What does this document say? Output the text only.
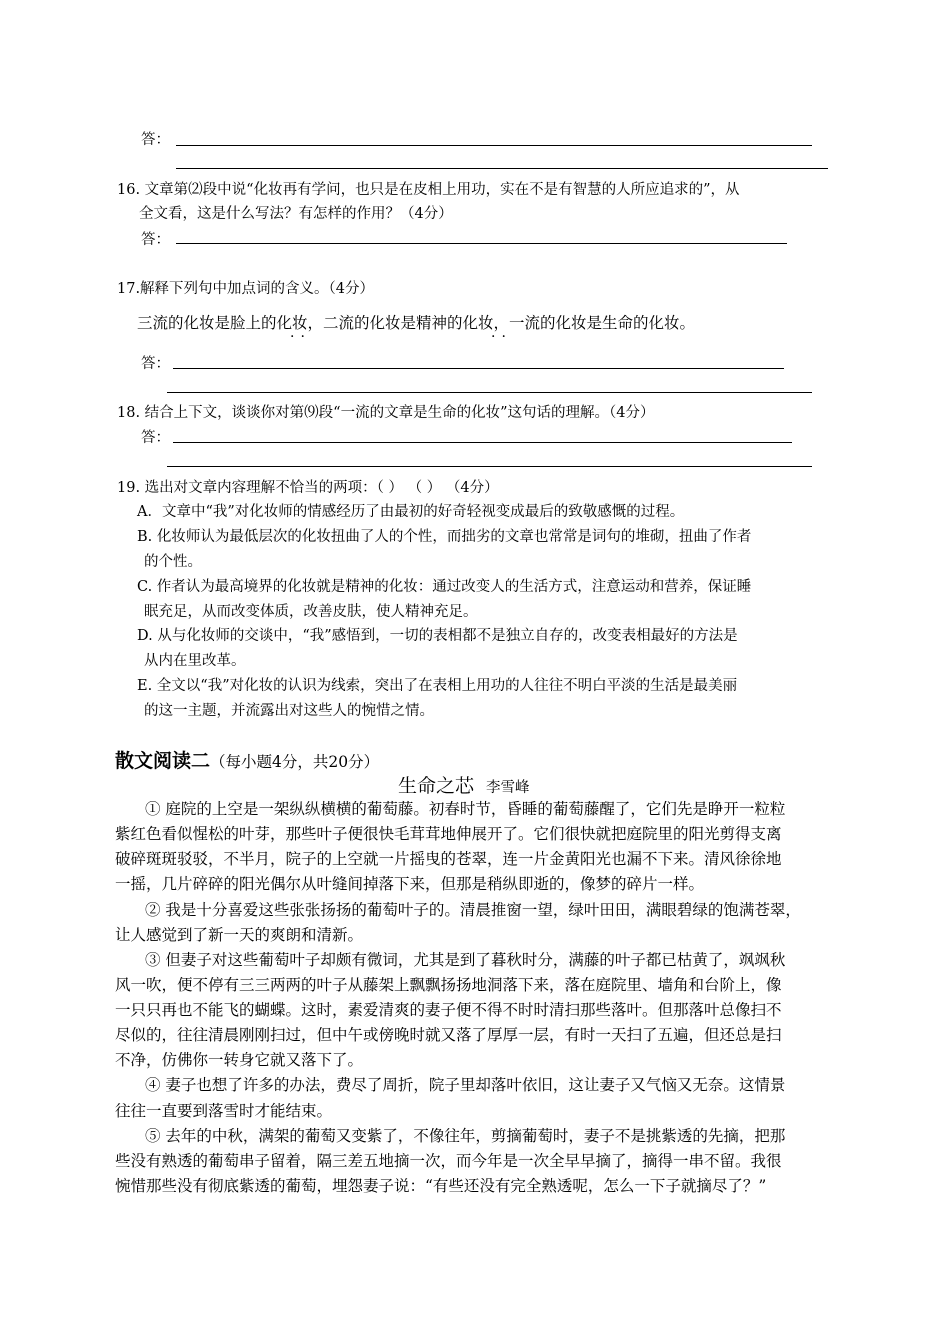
答：
16. 文章第⑵段中说“化妆再有学问，也只是在皮相上用功，实在不是有智慧的人所应追求的”，从
全文看，这是什么写法？有怎样的作用？（4分）
答：
17.解释下列句中加点词的含义。（4分）
三流的化妆是脸上的化妆，二流的化妆是精神的化妆，一流的化妆是生命的化妆。
··	··
答：
18. 结合上下文，谈谈你对第⑼段“一流的文章是生命的化妆”这句话的理解。（4分）
答：
19. 选出对文章内容理解不恰当的两项：（ ） （ ） （4分）
A．文章中“我”对化妆师的情感经历了由最初的好奇轻视变成最后的致敬感慨的过程。
B. 化妆师认为最低层次的化妆扭曲了人的个性，而拙劣的文章也常常是词句的堆砌，扭曲了作者
的个性。
C. 作者认为最高境界的化妆就是精神的化妆：通过改变人的生活方式，注意运动和营养，保证睡
眠充足，从而改变体质，改善皮肤，使人精神充足。
D. 从与化妆师的交谈中，“我”感悟到，一切的表相都不是独立自存的，改变表相最好的方法是
从内在里改革。
E. 全文以“我”对化妆的认识为线索，突出了在表相上用功的人往往不明白平淡的生活是最美丽
的这一主题，并流露出对这些人的惋惜之情。
散文阅读二（每小题4分，共20分）
生命之芯 李雪峰
① 庭院的上空是一架纵纵横横的葡萄藤。初春时节，昏睡的葡萄藤醒了，它们先是睁开一粒粒
紫红色看似惺松的叶芽，那些叶子便很快毛茸茸地伸展开了。它们很快就把庭院里的阳光剪得支离
破碎斑斑驳驳，不半月，院子的上空就一片摇曳的苍翠，连一片金黄阳光也漏不下来。清风徐徐地
一摇，几片碎碎的阳光偶尔从叶缝间掉落下来，但那是稍纵即逝的，像梦的碎片一样。
② 我是十分喜爱这些张张扬扬的葡萄叶子的。清晨推窗一望，绿叶田田，满眼碧绿的饱满苍翠，
让人感觉到了新一天的爽朗和清新。
③ 但妻子对这些葡萄叶子却颇有微词，尤其是到了暮秋时分，满藤的叶子都已枯黄了，飒飒秋
风一吹，便不停有三三两两的叶子从藤架上飘飘扬扬地洞落下来，落在庭院里、墙角和台阶上，像
一只只再也不能飞的蝴蝶。这时，素爱清爽的妻子便不得不时时清扫那些落叶。但那落叶总像扫不
尽似的，往往清晨刚刚扫过，但中午或傍晚时就又落了厚厚一层，有时一天扫了五遍，但还总是扫
不净，仿佛你一转身它就又落下了。
④ 妻子也想了许多的办法，费尽了周折，院子里却落叶依旧，这让妻子又气恼又无奈。这情景
往往一直要到落雪时才能结束。
⑤ 去年的中秋，满架的葡萄又变紫了，不像往年，剪摘葡萄时，妻子不是挑紫透的先摘，把那
些没有熟透的葡萄串子留着，隔三差五地摘一次，而今年是一次全早早摘了，摘得一串不留。我很
惋惜那些没有彻底紫透的葡萄，埋怨妻子说：“有些还没有完全熟透呢，怎么一下子就摘尽了？”
